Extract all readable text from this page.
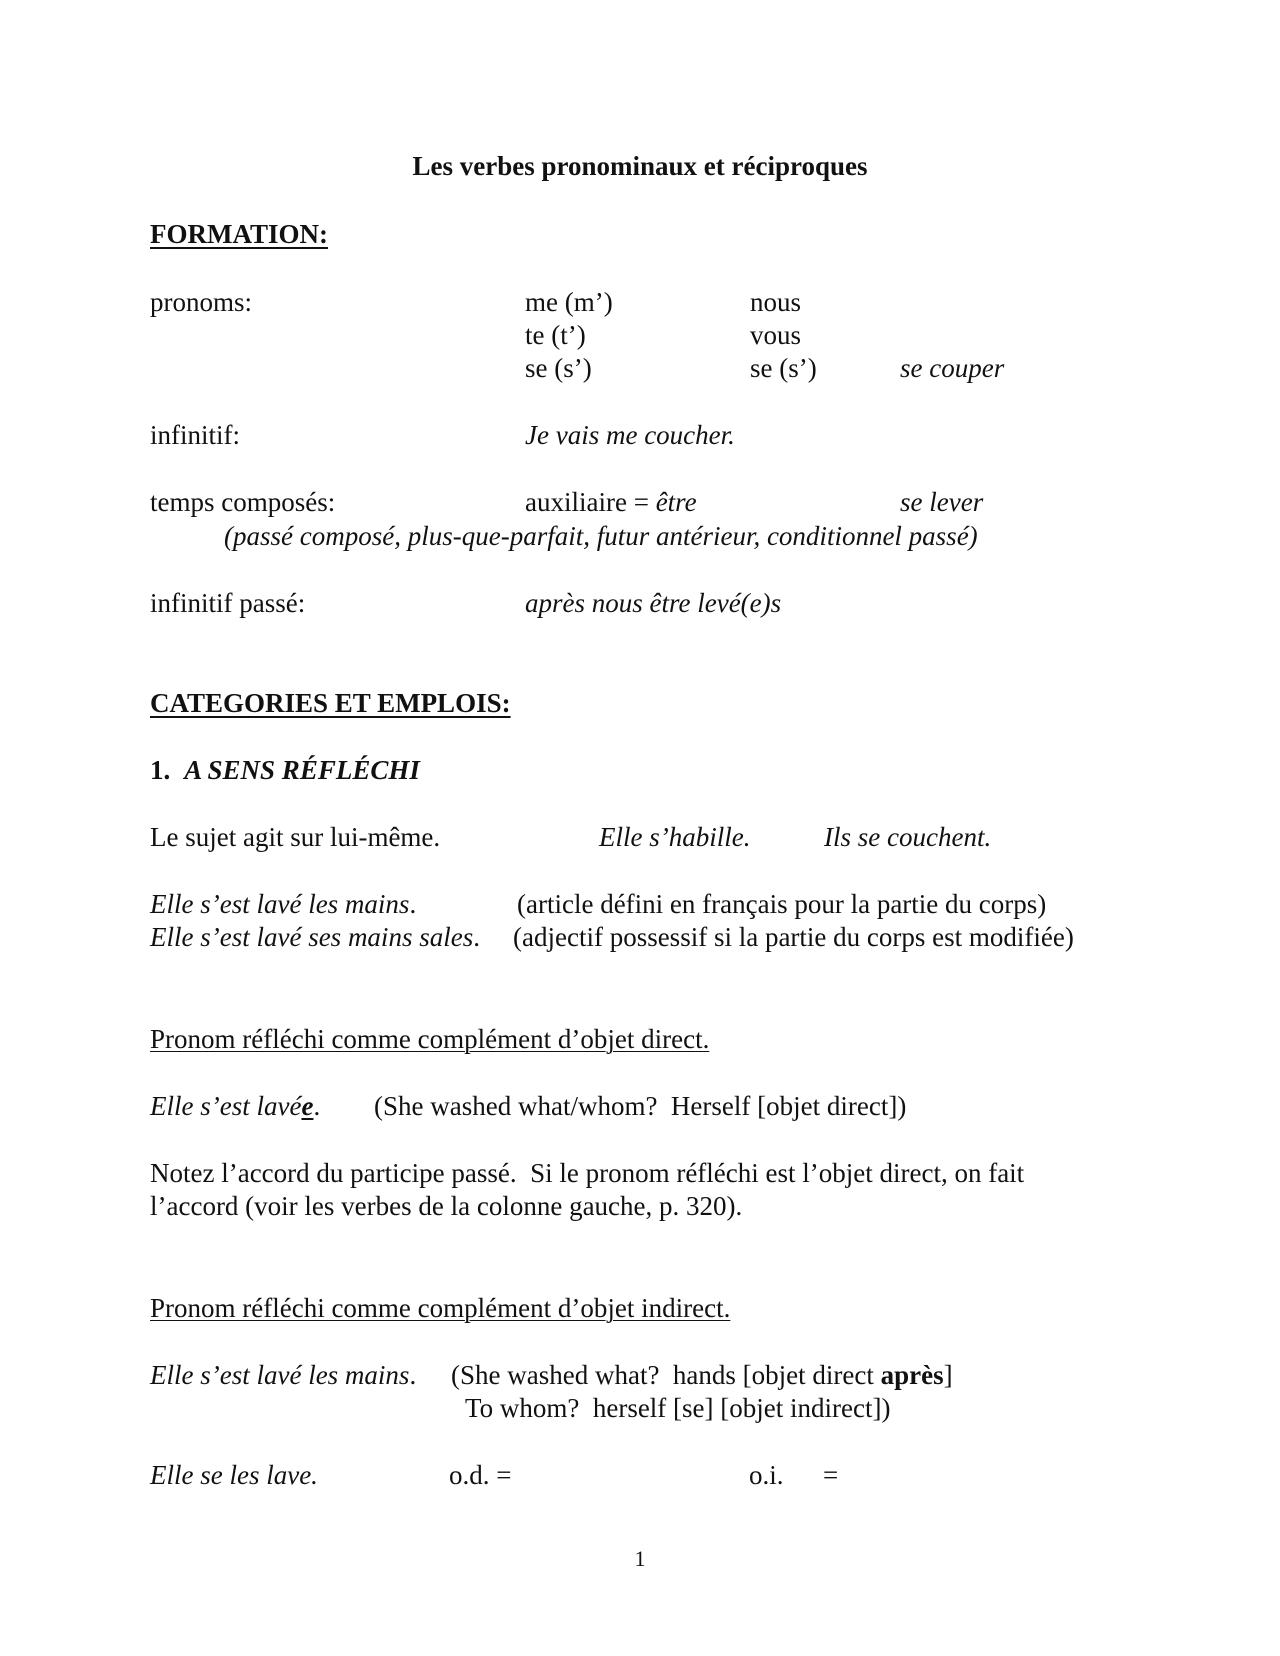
Les verbes pronominaux et réciproques
FORMATION:
pronoms:	me (m’)	nous
te (t’)	vous
se (s’)	se (s’)	se couper
infinitif:	Je vais me coucher.
temps composés:	auxiliaire = être	se lever
(passé composé, plus-que-parfait, futur antérieur, conditionnel passé)
infinitif passé:	après nous être levé(e)s
CATEGORIES ET EMPLOIS:
1. A SENS RÉFLÉCHI
Le sujet agit sur lui-même.	Elle s’habille.	Ils se couchent.
Elle s’est lavé les mains.	(article défini en français pour la partie du corps)
Elle s’est lavé ses mains sales. (adjectif possessif si la partie du corps est modifiée)
Pronom réfléchi comme complément d’objet direct.
Elle s’est lavée. (She washed what/whom?  Herself [objet direct])
Notez l’accord du participe passé.  Si le pronom réfléchi est l’objet direct, on fait
l’accord (voir les verbes de la colonne gauche, p. 320).
Pronom réfléchi comme complément d’objet indirect.
Elle s’est lavé les mains. (She washed what?  hands [objet direct après]
To whom?  herself [se] [objet indirect])
Elle se les lave.	o.d. =	o.i. =
1
